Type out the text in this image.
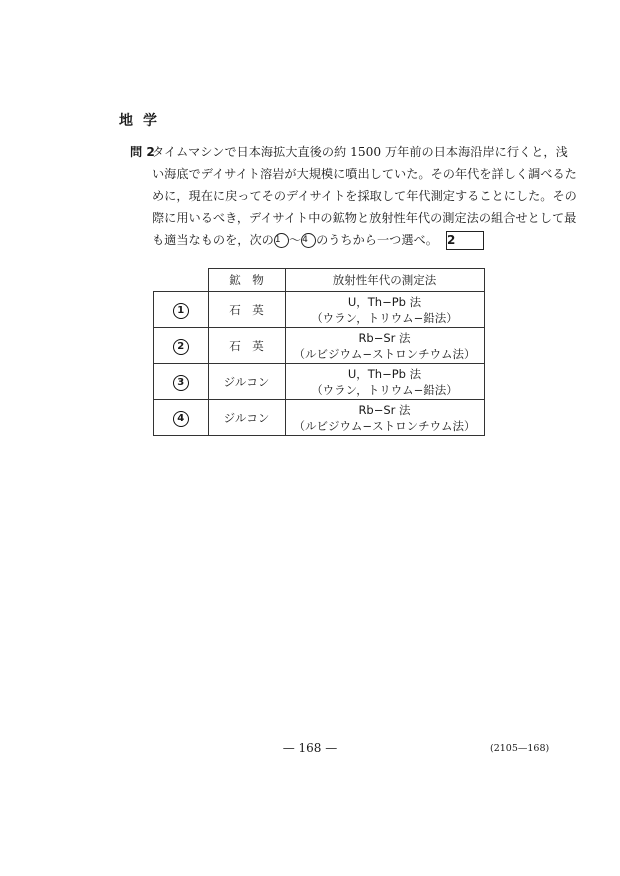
地学
問 2
タイムマシンで日本海拡大直後の約 1500 万年前の日本海沿岸に行くと，浅
い海底でデイサイト溶岩が大規模に噴出していた。その年代を詳しく調べるた
めに，現在に戻ってそのデイサイトを採取して年代測定することにした。その
際に用いるべき，デイサイト中の鉱物と放射性年代の測定法の組合せとして最
も適当なものを，次の1 ～4 のうちから一つ選べ。 2
	鉱　物	放射性年代の測定法
1	石　英	U，Th−Pb 法
（ウラン，トリウム−鉛法）

2	石　英	Rb−Sr 法
（ルビジウム−ストロンチウム法）

3	ジルコン	U，Th−Pb 法
（ウラン，トリウム−鉛法）

4	ジルコン	Rb−Sr 法
（ルビジウム−ストロンチウム法）
— 168 —	(2105—168)
